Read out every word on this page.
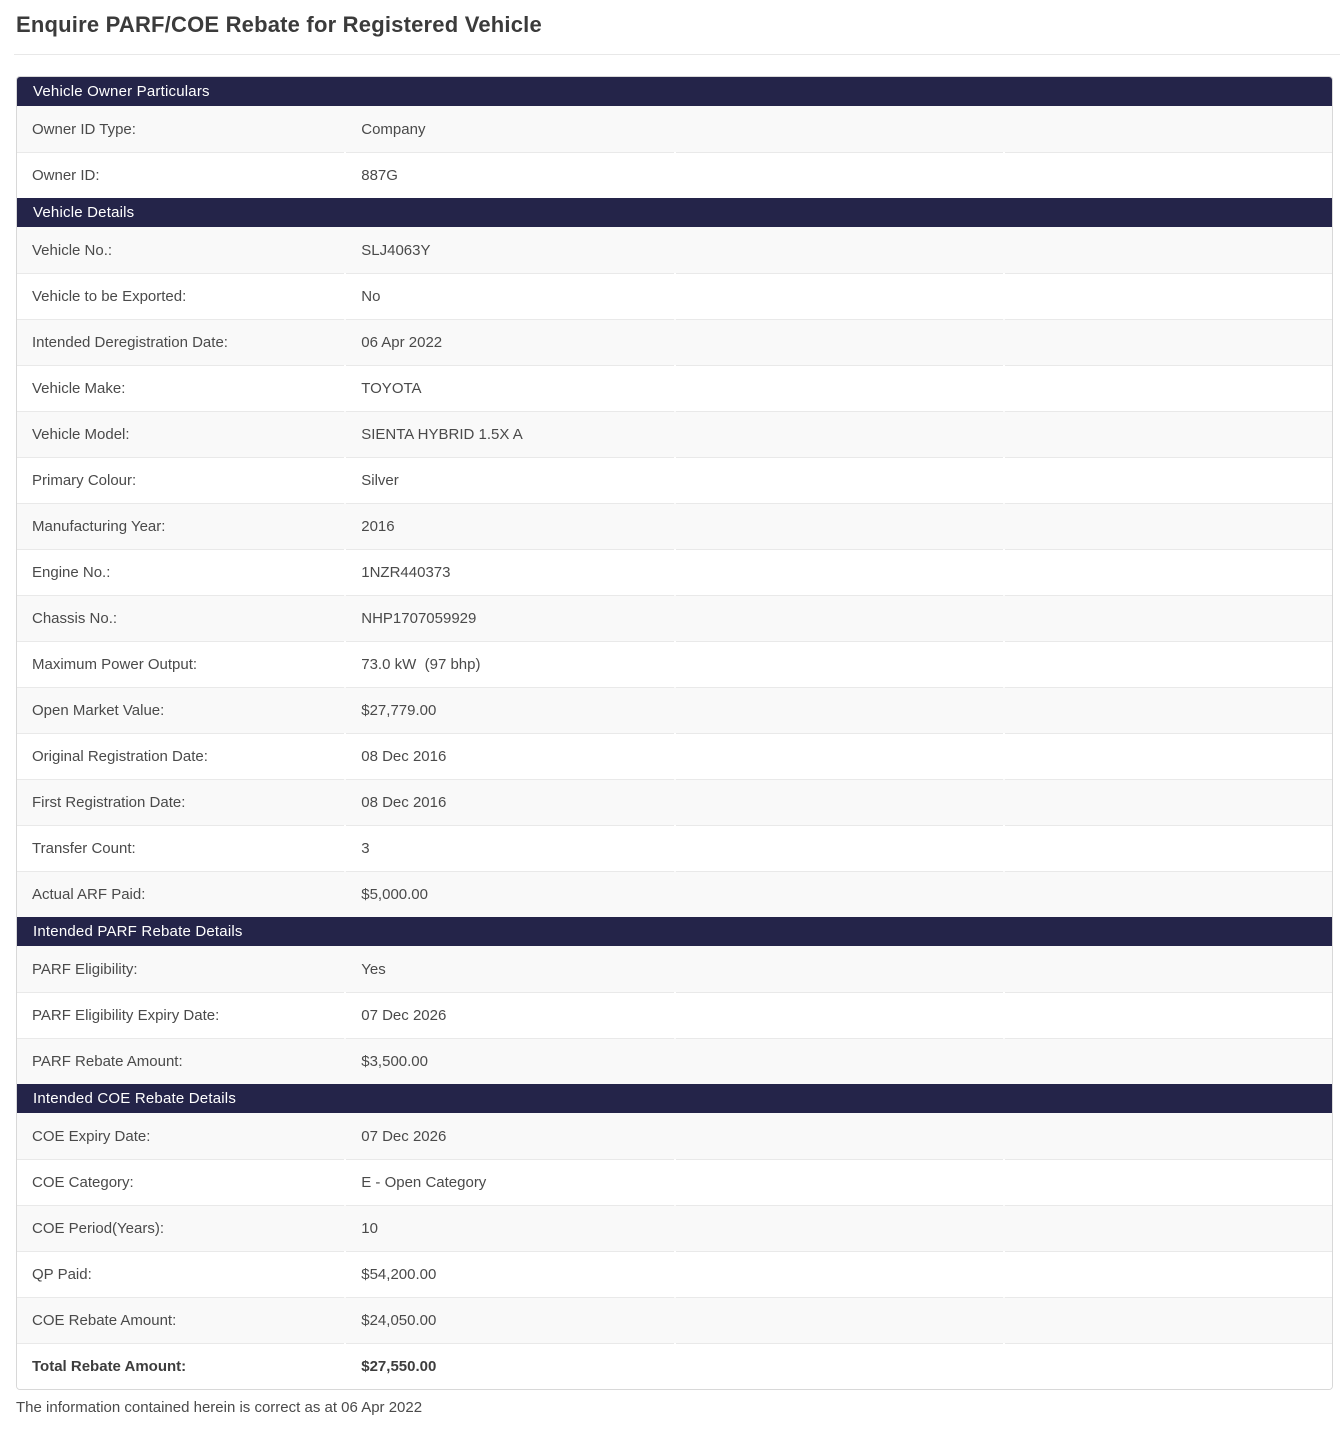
Enquire PARF/COE Rebate for Registered Vehicle
Vehicle Owner Particulars
Owner ID Type:	Company
Owner ID:	887G
Vehicle Details
Vehicle No.:	SLJ4063Y
Vehicle to be Exported:	No
Intended Deregistration Date:	06 Apr 2022
Vehicle Make:	TOYOTA
Vehicle Model:	SIENTA HYBRID 1.5X A
Primary Colour:	Silver
Manufacturing Year:	2016
Engine No.:	1NZR440373
Chassis No.:	NHP1707059929
Maximum Power Output:	73.0 kW  (97 bhp)
Open Market Value:	$27,779.00
Original Registration Date:	08 Dec 2016
First Registration Date:	08 Dec 2016
Transfer Count:	3
Actual ARF Paid:	$5,000.00
Intended PARF Rebate Details
PARF Eligibility:	Yes
PARF Eligibility Expiry Date:	07 Dec 2026
PARF Rebate Amount:	$3,500.00
Intended COE Rebate Details
COE Expiry Date:	07 Dec 2026
COE Category:	E - Open Category
COE Period(Years):	10
QP Paid:	$54,200.00
COE Rebate Amount:	$24,050.00
Total Rebate Amount:	$27,550.00
The information contained herein is correct as at 06 Apr 2022
